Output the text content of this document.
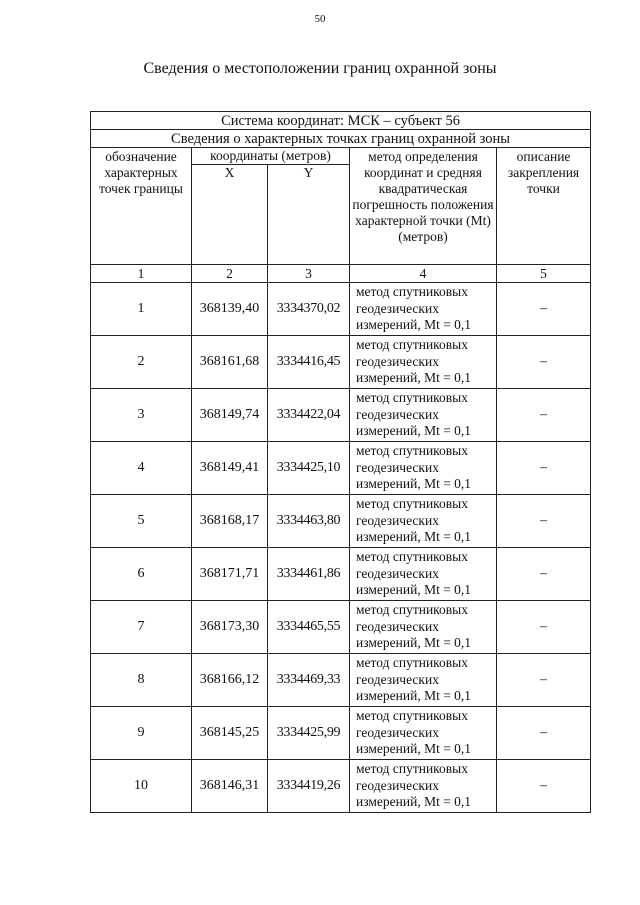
50
Сведения о местоположении границ охранной зоны
Система координат: МСК – субъект 56				
Сведения о характерных точках границ охранной зоны				
обозначение характерных точек границы	координаты (метров)		метод определения координат и средняя квадратическая погрешность положения характерной точки (Mt) (метров)	описание закрепления точки
	X	Y		
1	2	3	4	5
1	368139,40	3334370,02	метод спутниковых геодезических измерений, Mt = 0,1	–
2	368161,68	3334416,45	метод спутниковых геодезических измерений, Mt = 0,1	–
3	368149,74	3334422,04	метод спутниковых геодезических измерений, Mt = 0,1	–
4	368149,41	3334425,10	метод спутниковых геодезических измерений, Mt = 0,1	–
5	368168,17	3334463,80	метод спутниковых геодезических измерений, Mt = 0,1	–
6	368171,71	3334461,86	метод спутниковых геодезических измерений, Mt = 0,1	–
7	368173,30	3334465,55	метод спутниковых геодезических измерений, Mt = 0,1	–
8	368166,12	3334469,33	метод спутниковых геодезических измерений, Mt = 0,1	–
9	368145,25	3334425,99	метод спутниковых геодезических измерений, Mt = 0,1	–
10	368146,31	3334419,26	метод спутниковых геодезических измерений, Mt = 0,1	–
